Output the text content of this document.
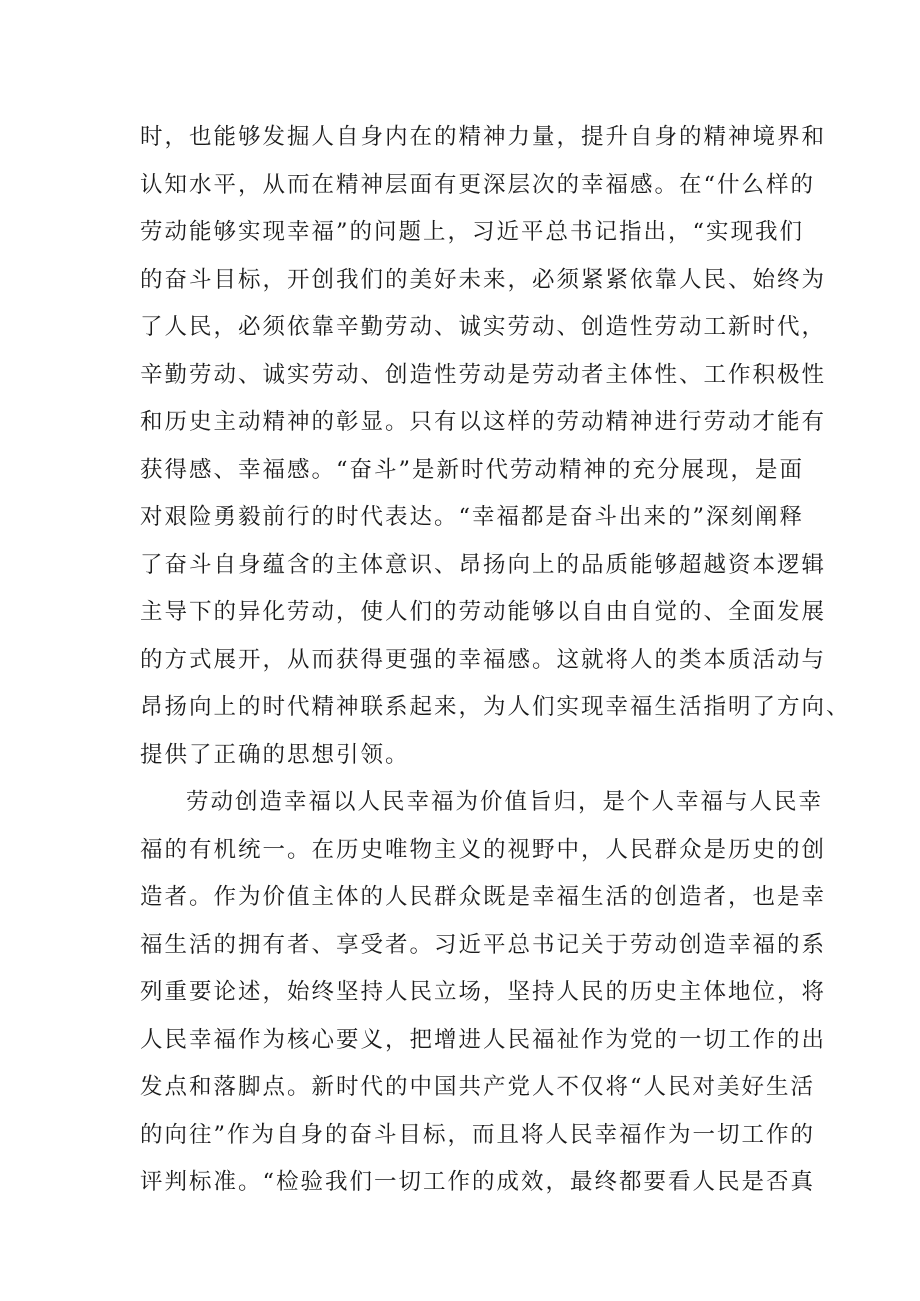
时，也能够发掘人自身内在的精神力量，提升自身的精神境界和
认知水平，从而在精神层面有更深层次的幸福感。在“什么样的
劳动能够实现幸福”的问题上，习近平总书记指出，“实现我们
的奋斗目标，开创我们的美好未来，必须紧紧依靠人民、始终为
了人民，必须依靠辛勤劳动、诚实劳动、创造性劳动工新时代，
辛勤劳动、诚实劳动、创造性劳动是劳动者主体性、工作积极性
和历史主动精神的彰显。只有以这样的劳动精神进行劳动才能有
获得感、幸福感。“奋斗”是新时代劳动精神的充分展现，是面
对艰险勇毅前行的时代表达。“幸福都是奋斗出来的”深刻阐释
了奋斗自身蕴含的主体意识、昂扬向上的品质能够超越资本逻辑
主导下的异化劳动，使人们的劳动能够以自由自觉的、全面发展
的方式展开，从而获得更强的幸福感。这就将人的类本质活动与
昂扬向上的时代精神联系起来，为人们实现幸福生活指明了方向、
提供了正确的思想引领。
劳动创造幸福以人民幸福为价值旨归，是个人幸福与人民幸
福的有机统一。在历史唯物主义的视野中，人民群众是历史的创
造者。作为价值主体的人民群众既是幸福生活的创造者，也是幸
福生活的拥有者、享受者。习近平总书记关于劳动创造幸福的系
列重要论述，始终坚持人民立场，坚持人民的历史主体地位，将
人民幸福作为核心要义，把增进人民福祉作为党的一切工作的出
发点和落脚点。新时代的中国共产党人不仅将“人民对美好生活
的向往”作为自身的奋斗目标，而且将人民幸福作为一切工作的
评判标准。“检验我们一切工作的成效，最终都要看人民是否真
